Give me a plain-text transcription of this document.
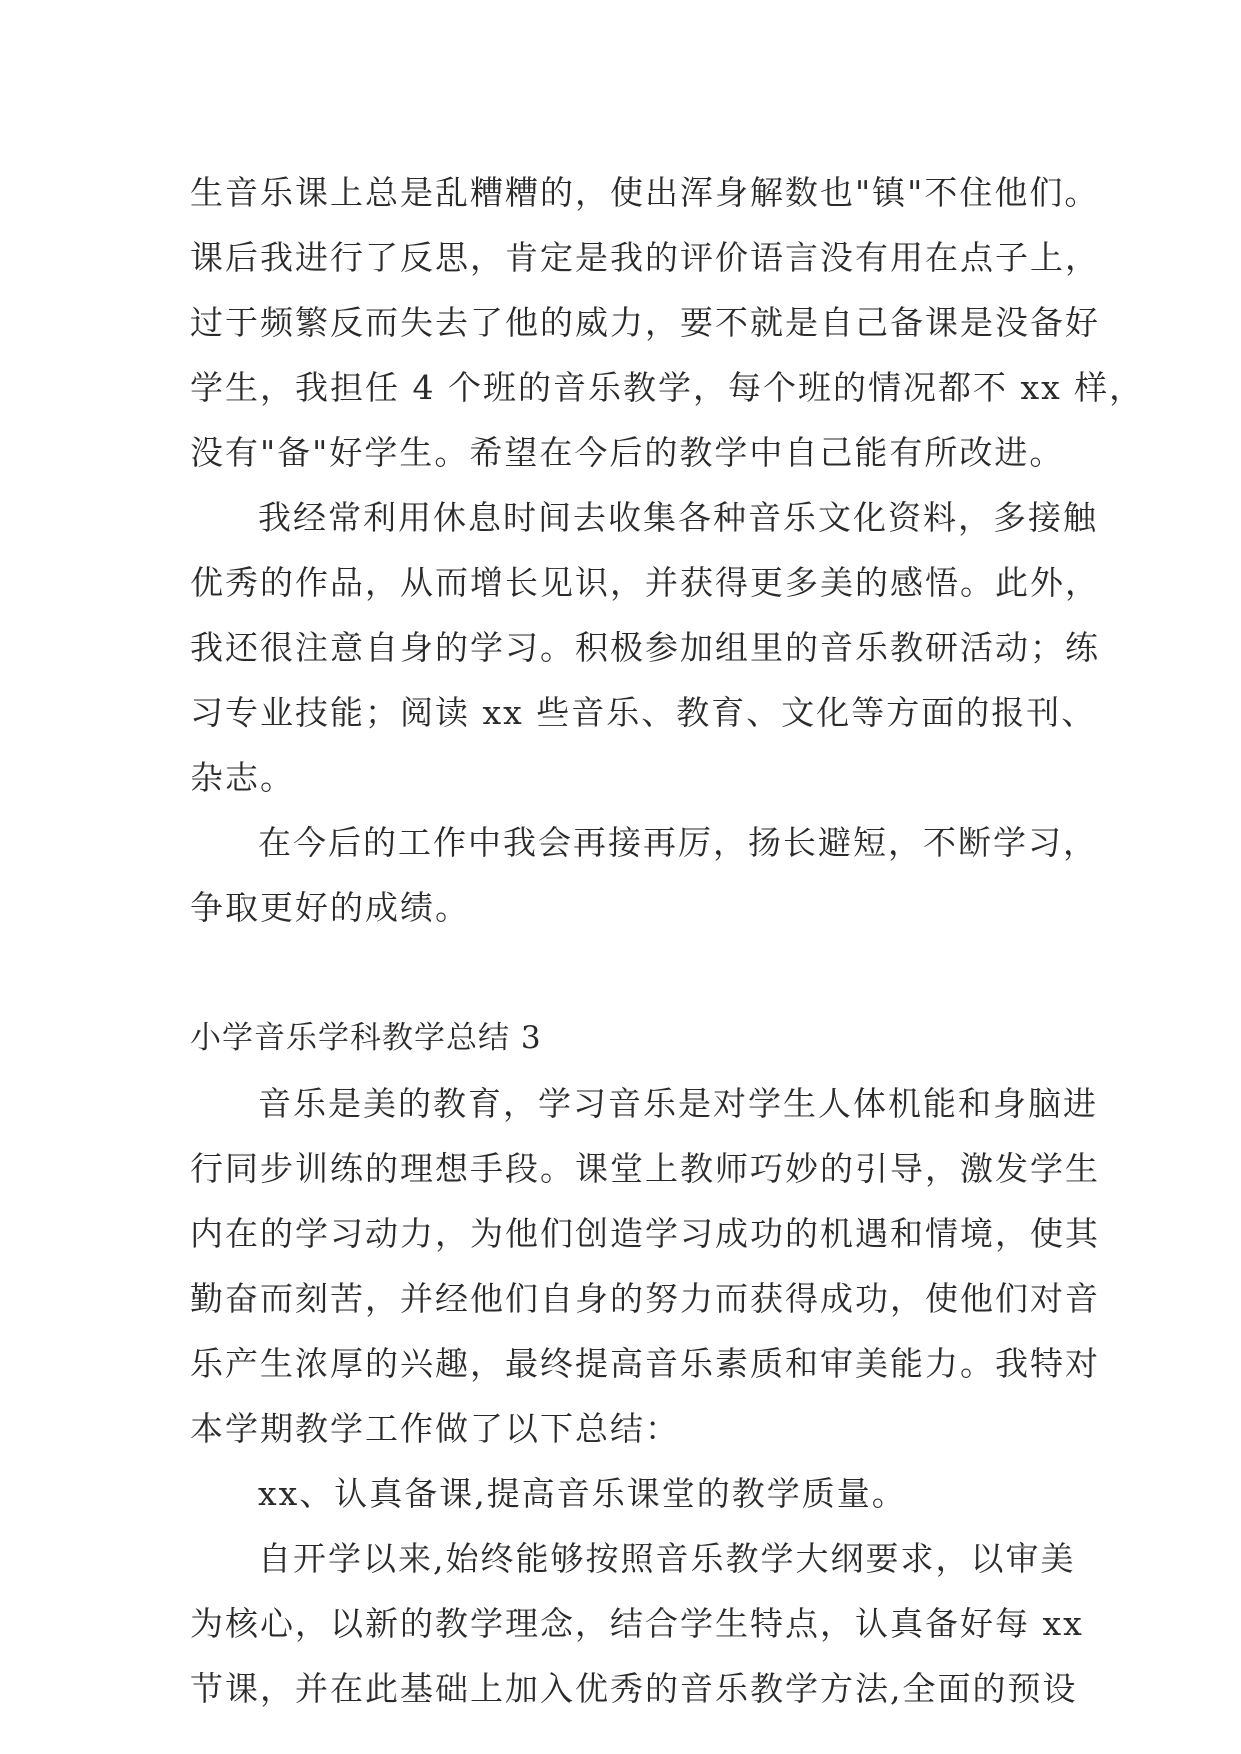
生音乐课上总是乱糟糟的，使出浑身解数也"镇"不住他们。
课后我进行了反思，肯定是我的评价语言没有用在点子上，
过于频繁反而失去了他的威力，要不就是自己备课是没备好
学生，我担任 4 个班的音乐教学，每个班的情况都不 xx 样，
没有"备"好学生。希望在今后的教学中自己能有所改进。
我经常利用休息时间去收集各种音乐文化资料，多接触
优秀的作品，从而增长见识，并获得更多美的感悟。此外，
我还很注意自身的学习。积极参加组里的音乐教研活动；练
习专业技能；阅读 xx 些音乐、教育、文化等方面的报刊、
杂志。
在今后的工作中我会再接再厉，扬长避短，不断学习，
争取更好的成绩。
小学音乐学科教学总结 3
音乐是美的教育，学习音乐是对学生人体机能和身脑进
行同步训练的理想手段。课堂上教师巧妙的引导，激发学生
内在的学习动力，为他们创造学习成功的机遇和情境，使其
勤奋而刻苦，并经他们自身的努力而获得成功，使他们对音
乐产生浓厚的兴趣，最终提高音乐素质和审美能力。我特对
本学期教学工作做了以下总结：
xx、认真备课,提高音乐课堂的教学质量。
自开学以来,始终能够按照音乐教学大纲要求，以审美
为核心，以新的教学理念，结合学生特点，认真备好每 xx
节课，并在此基础上加入优秀的音乐教学方法,全面的预设
